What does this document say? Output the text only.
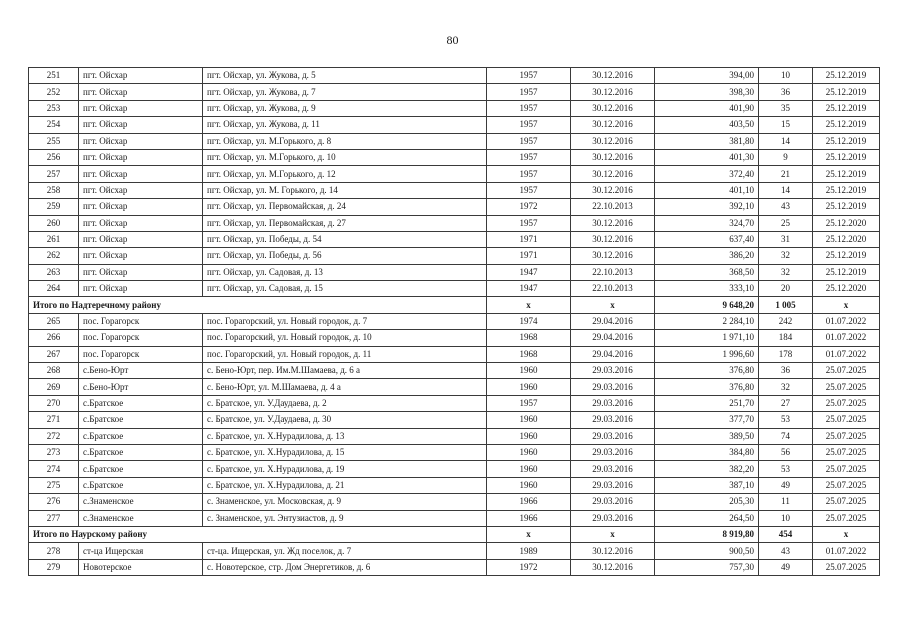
80
251	пгт. Ойсхар	пгт. Ойсхар, ул. Жукова, д. 5	1957	30.12.2016	394,00	10	25.12.2019
252	пгт. Ойсхар	пгт. Ойсхар, ул. Жукова, д. 7	1957	30.12.2016	398,30	36	25.12.2019
253	пгт. Ойсхар	пгт. Ойсхар, ул. Жукова, д. 9	1957	30.12.2016	401,90	35	25.12.2019
254	пгт. Ойсхар	пгт. Ойсхар, ул. Жукова, д. 11	1957	30.12.2016	403,50	15	25.12.2019
255	пгт. Ойсхар	пгт. Ойсхар, ул. М.Горького, д. 8	1957	30.12.2016	381,80	14	25.12.2019
256	пгт. Ойсхар	пгт. Ойсхар, ул. М.Горького, д. 10	1957	30.12.2016	401,30	9	25.12.2019
257	пгт. Ойсхар	пгт. Ойсхар, ул. М.Горького, д. 12	1957	30.12.2016	372,40	21	25.12.2019
258	пгт. Ойсхар	пгт. Ойсхар, ул. М. Горького, д. 14	1957	30.12.2016	401,10	14	25.12.2019
259	пгт. Ойсхар	пгт. Ойсхар, ул. Первомайская, д. 24	1972	22.10.2013	392,10	43	25.12.2019
260	пгт. Ойсхар	пгт. Ойсхар, ул. Первомайская, д. 27	1957	30.12.2016	324,70	25	25.12.2020
261	пгт. Ойсхар	пгт. Ойсхар, ул. Победы, д. 54	1971	30.12.2016	637,40	31	25.12.2020
262	пгт. Ойсхар	пгт. Ойсхар, ул. Победы, д. 56	1971	30.12.2016	386,20	32	25.12.2019
263	пгт. Ойсхар	пгт. Ойсхар, ул. Садовая, д. 13	1947	22.10.2013	368,50	32	25.12.2019
264	пгт. Ойсхар	пгт. Ойсхар, ул. Садовая, д. 15	1947	22.10.2013	333,10	20	25.12.2020
Итого по Надтеречному району			x	x	9 648,20	1 005	x
265	пос. Горагорск	пос. Горагорский, ул. Новый городок, д. 7	1974	29.04.2016	2 284,10	242	01.07.2022
266	пос. Горагорск	пос. Горагорский, ул. Новый городок, д. 10	1968	29.04.2016	1 971,10	184	01.07.2022
267	пос. Горагорск	пос. Горагорский, ул. Новый городок, д. 11	1968	29.04.2016	1 996,60	178	01.07.2022
268	с.Бено-Юрт	с. Бено-Юрт, пер. Им.М.Шамаева, д. 6 а	1960	29.03.2016	376,80	36	25.07.2025
269	с.Бено-Юрт	с. Бено-Юрт, ул. М.Шамаева, д. 4 а	1960	29.03.2016	376,80	32	25.07.2025
270	с.Братское	с. Братское, ул. У.Даудаева, д. 2	1957	29.03.2016	251,70	27	25.07.2025
271	с.Братское	с. Братское, ул. У.Даудаева, д. 30	1960	29.03.2016	377,70	53	25.07.2025
272	с.Братское	с. Братское, ул. Х.Нурадилова, д. 13	1960	29.03.2016	389,50	74	25.07.2025
273	с.Братское	с. Братское, ул. Х.Нурадилова, д. 15	1960	29.03.2016	384,80	56	25.07.2025
274	с.Братское	с. Братское, ул. Х.Нурадилова, д. 19	1960	29.03.2016	382,20	53	25.07.2025
275	с.Братское	с. Братское, ул. Х.Нурадилова, д. 21	1960	29.03.2016	387,10	49	25.07.2025
276	с.Знаменское	с. Знаменское, ул. Московская, д. 9	1966	29.03.2016	205,30	11	25.07.2025
277	с.Знаменское	с. Знаменское, ул. Энтузиастов, д. 9	1966	29.03.2016	264,50	10	25.07.2025
Итого по Наурскому району			x	x	8 919,80	454	x
278	ст-ца Ищерская	ст-ца. Ищерская, ул. Жд поселок, д. 7	1989	30.12.2016	900,50	43	01.07.2022
279	Новотерское	с. Новотерское, стр. Дом Энергетиков, д. 6	1972	30.12.2016	757,30	49	25.07.2025
